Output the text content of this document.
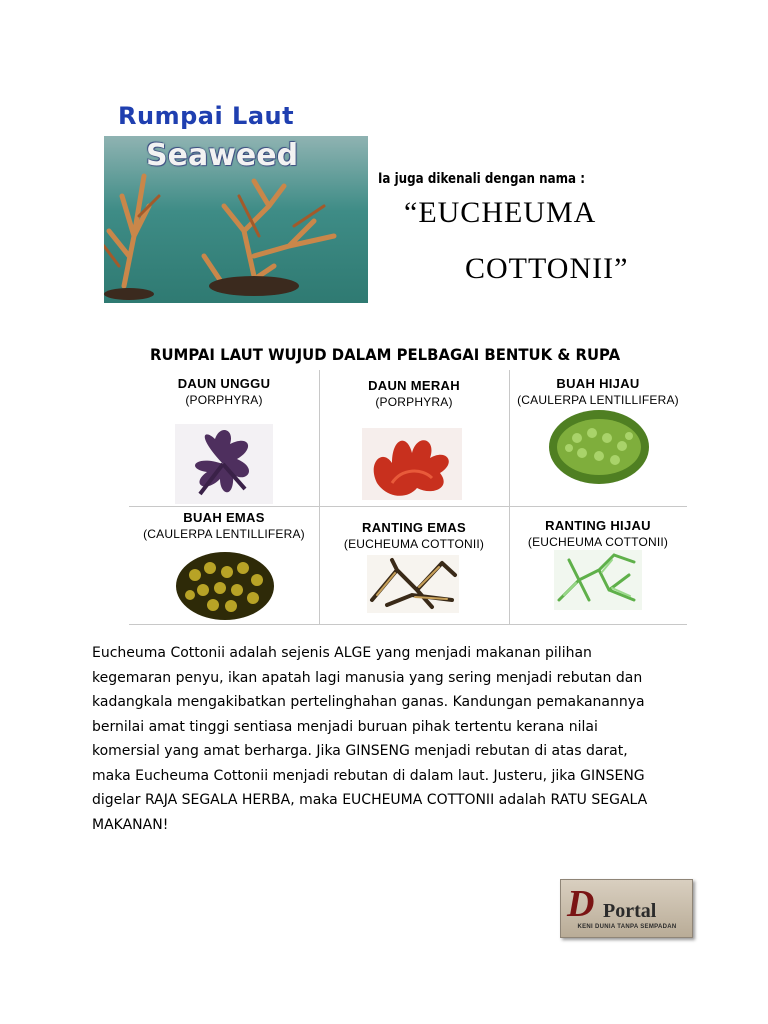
Rumpai Laut
Seaweed
Ia juga dikenali dengan nama :
“EUCHEUMA
COTTONII”
RUMPAI LAUT WUJUD DALAM PELBAGAI BENTUK & RUPA
DAUN UNGGU
(PORPHYRA)
DAUN MERAH
(PORPHYRA)
BUAH HIJAU
(CAULERPA LENTILLIFERA)
BUAH EMAS
(CAULERPA LENTILLIFERA)	RANTING EMAS
(EUCHEUMA COTTONII)
RANTING HIJAU
(EUCHEUMA COTTONII)

Eucheuma Cottonii adalah sejenis ALGE yang menjadi makanan pilihan

kegemaran penyu, ikan apatah lagi manusia yang sering menjadi rebutan dan

kadangkala mengakibatkan pertelinghahan ganas. Kandungan pemakanannya

bernilai amat tinggi sentiasa menjadi buruan pihak tertentu kerana nilai

komersial yang amat berharga. Jika GINSENG menjadi rebutan di atas darat,

maka Eucheuma Cottonii menjadi rebutan di dalam laut. Justeru, jika GINSENG

digelar RAJA SEGALA HERBA, maka EUCHEUMA COTTONII adalah RATU SEGALA

MAKANAN!

D Portal
KENI DUNIA TANPA SEMPADAN
